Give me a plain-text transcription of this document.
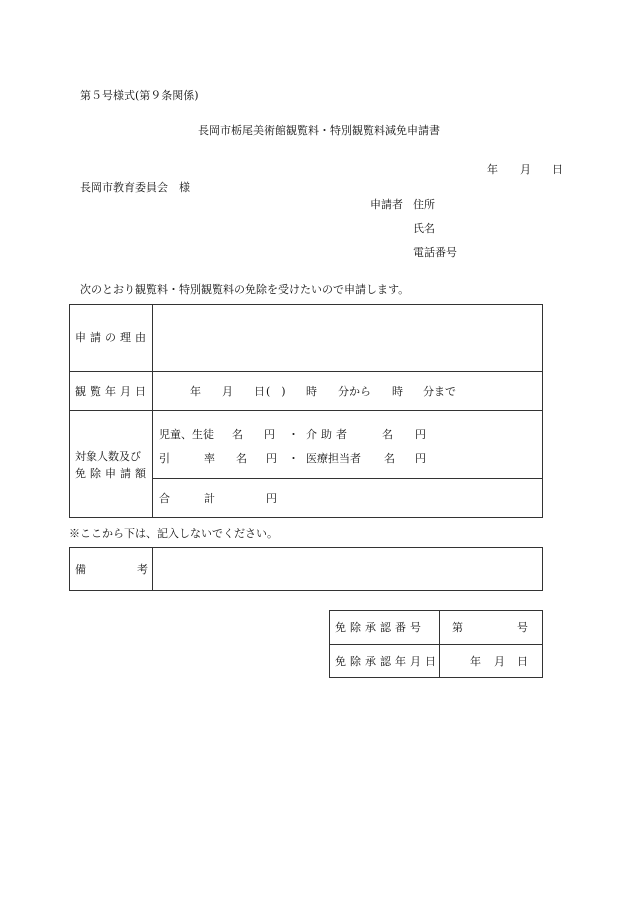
第５号様式(第９条関係)
長岡市栃尾美術館観覧料・特別観覧料減免申請書
年 月 日
長岡市教育委員会　様
申請者 住所
氏名
電話番号
次のとおり観覧料・特別観覧料の免除を受けたいので申請します。
申請の理由
観覧年月日	年 月 日 (　) 時 分から 時 分まで
対象人数及び
免除申請額
児童、生徒 名 円 ・ 介助者	名 円
引	率 名 円 ・ 医療担当者 名 円
合	計	円
※ここから下は、記入しないでください。
備	考
免除承認番号 第	号
免除承認年月日	年 月 日
